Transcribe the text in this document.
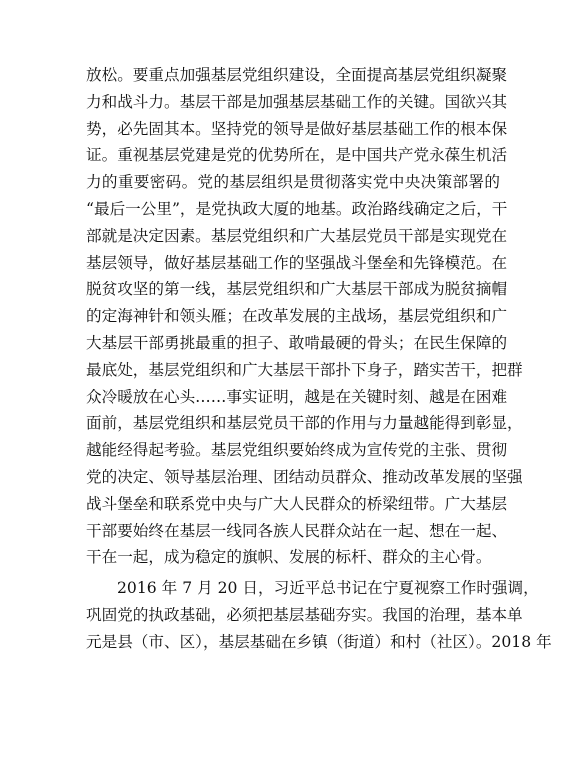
放松。要重点加强基层党组织建设，全面提高基层党组织凝聚
力和战斗力。基层干部是加强基层基础工作的关键。国欲兴其
势，必先固其本。坚持党的领导是做好基层基础工作的根本保
证。重视基层党建是党的优势所在，是中国共产党永葆生机活
力的重要密码。党的基层组织是贯彻落实党中央决策部署的
“最后一公里”，是党执政大厦的地基。政治路线确定之后，干
部就是决定因素。基层党组织和广大基层党员干部是实现党在
基层领导，做好基层基础工作的坚强战斗堡垒和先锋模范。在
脱贫攻坚的第一线，基层党组织和广大基层干部成为脱贫摘帽
的定海神针和领头雁；在改革发展的主战场，基层党组织和广
大基层干部勇挑最重的担子、敢啃最硬的骨头；在民生保障的
最底处，基层党组织和广大基层干部扑下身子，踏实苦干，把群
众冷暖放在心头……事实证明，越是在关键时刻、越是在困难
面前，基层党组织和基层党员干部的作用与力量越能得到彰显，
越能经得起考验。基层党组织要始终成为宣传党的主张、贯彻
党的决定、领导基层治理、团结动员群众、推动改革发展的坚强
战斗堡垒和联系党中央与广大人民群众的桥梁纽带。广大基层
干部要始终在基层一线同各族人民群众站在一起、想在一起、
干在一起，成为稳定的旗帜、发展的标杆、群众的主心骨。
2016 年 7 月 20 日，习近平总书记在宁夏视察工作时强调，
巩固党的执政基础，必须把基层基础夯实。我国的治理，基本单
元是县（市、区），基层基础在乡镇（街道）和村（社区）。2018 年
